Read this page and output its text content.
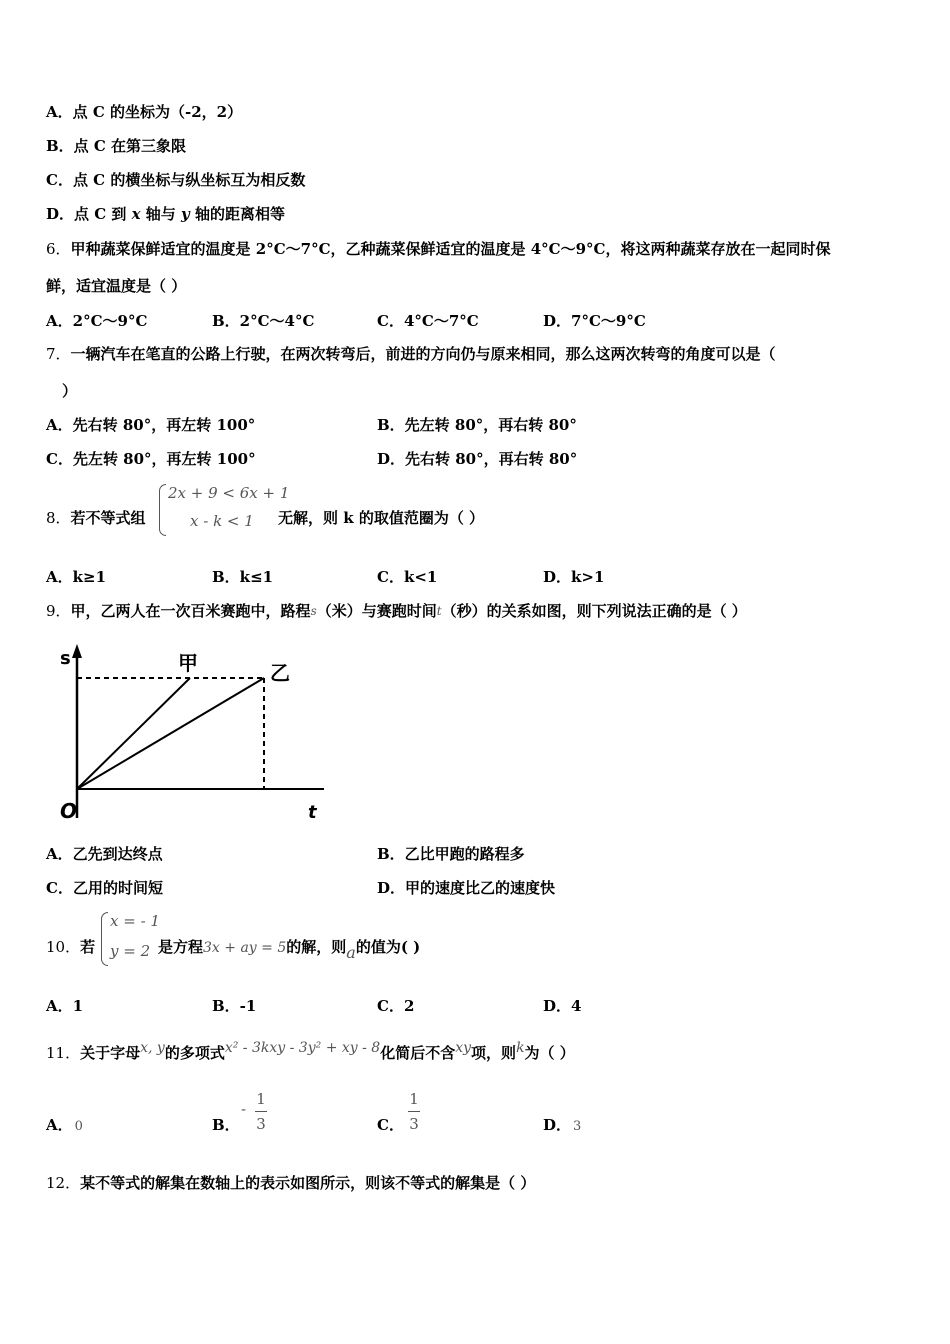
A．点 C 的坐标为（-2，2）
B．点 C 在第三象限
C．点 C 的横坐标与纵坐标互为相反数
D．点 C 到 x 轴与 y 轴的距离相等
6．甲种蔬菜保鲜适宜的温度是 2°C～7°C，乙种蔬菜保鲜适宜的温度是 4°C～9°C，将这两种蔬菜存放在一起同时保
鲜，适宜温度是（ ）
A．2°C～9°C	B．2°C～4°C	C．4°C～7°C	D．7°C～9°C
7．一辆汽车在笔直的公路上行驶，在两次转弯后，前进的方向仍与原来相同，那么这两次转弯的角度可以是（
）
A．先右转 80°，再左转 100°	B．先左转 80°，再右转 80°
C．先左转 80°，再左转 100°	D．先右转 80°，再右转 80°
8．若不等式组
2x + 9 < 6x + 1
x - k < 1 无解，则 k 的取值范圈为（ ）
A．k≥1	B．k≤1	C．k<1	D．k>1
9．甲，乙两人在一次百米赛跑中，路程$^s$（米）与赛跑时间$^t$（秒）的关系如图，则下列说法正确的是（ ）
s
t
O
甲	乙
A．乙先到达终点	B．乙比甲跑的路程多
C．乙用的时间短	D．甲的速度比乙的速度快
10．若
x = - 1
y = 2 是方程3x + ay = 5的解，则a的值为( )
A．1	B．-1	C．2	D．4
11．关于字母x, y的多项式x² - 3kxy - 3y² + xy - 8化简后不含xy项，则k为（ ）
A． 0	B．
-
1
3	C．
1
3	D． 3
12．某不等式的解集在数轴上的表示如图所示，则该不等式的解集是（ ）
